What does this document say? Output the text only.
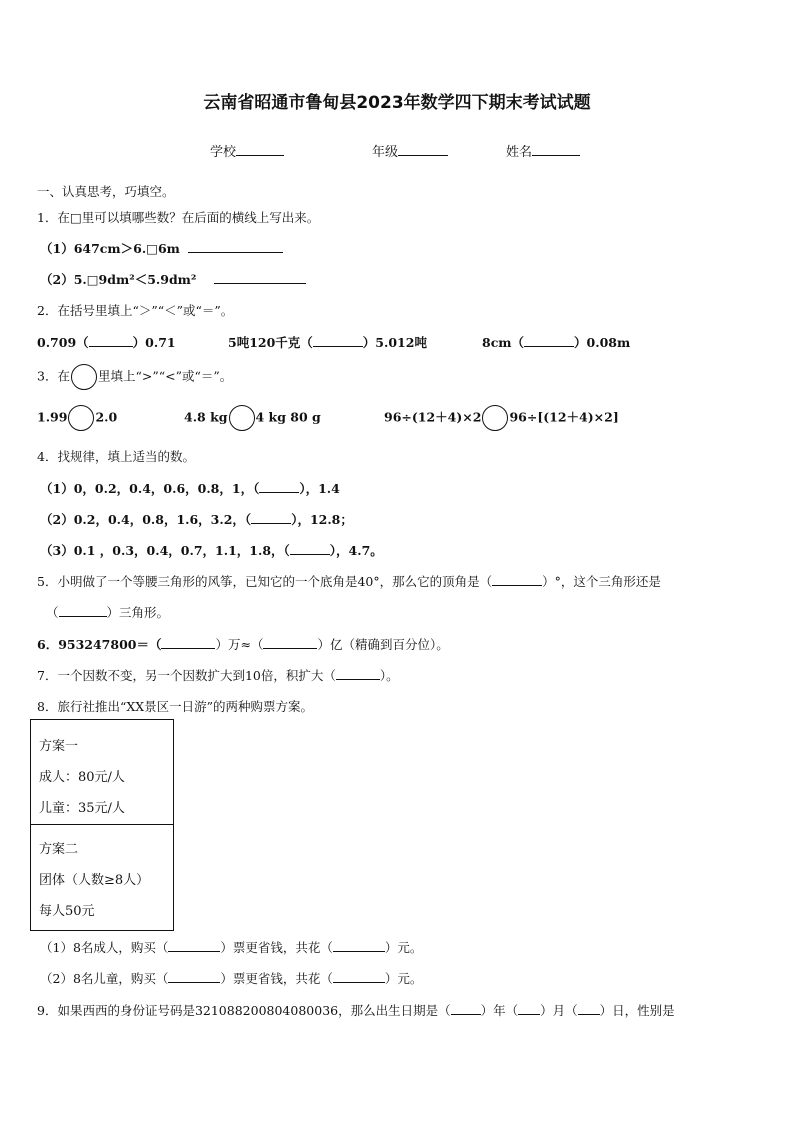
云南省昭通市鲁甸县2023年数学四下期末考试试题
学校	年级	姓名
一、认真思考，巧填空。
1．在□里可以填哪些数？在后面的横线上写出来。
（1）647cm＞6.□6m
（2）5.□9dm²＜5.9dm²
2．在括号里填上“＞”“＜”或“＝”。
0.709（	）0.71	5吨120千克（	）5.012吨	8cm（	）0.08m
3．在 里填上“>”“<”或“＝”。
1.99 2.0	4.8 kg 4 kg 80 g	96÷(12＋4)×2 96÷[(12＋4)×2]
4．找规律，填上适当的数。
（1）0，0.2，0.4，0.6，0.8，1，（	），1.4
（2）0.2，0.4，0.8，1.6，3.2，（	），12.8；
（3）0.1 ，0.3，0.4，0.7，1.1，1.8，（	），4.7。
5．小明做了一个等腰三角形的风筝，已知它的一个底角是40°，那么它的顶角是（	）°，这个三角形还是
（	）三角形。
6．953247800＝（	）万≈（	）亿（精确到百分位）。
7．一个因数不变，另一个因数扩大到10倍，积扩大（	）。
8．旅行社推出“XX景区一日游”的两种购票方案。
方案一
成人：80元/人
儿童：35元/人
方案二
团体（人数≥8人）
每人50元
（1）8名成人，购买（	）票更省钱，共花（	）元。
（2）8名儿童，购买（	）票更省钱，共花（	）元。
9．如果西西的身份证号码是321088200804080036，那么出生日期是（ ）年（ ）月（ ）日，性别是
